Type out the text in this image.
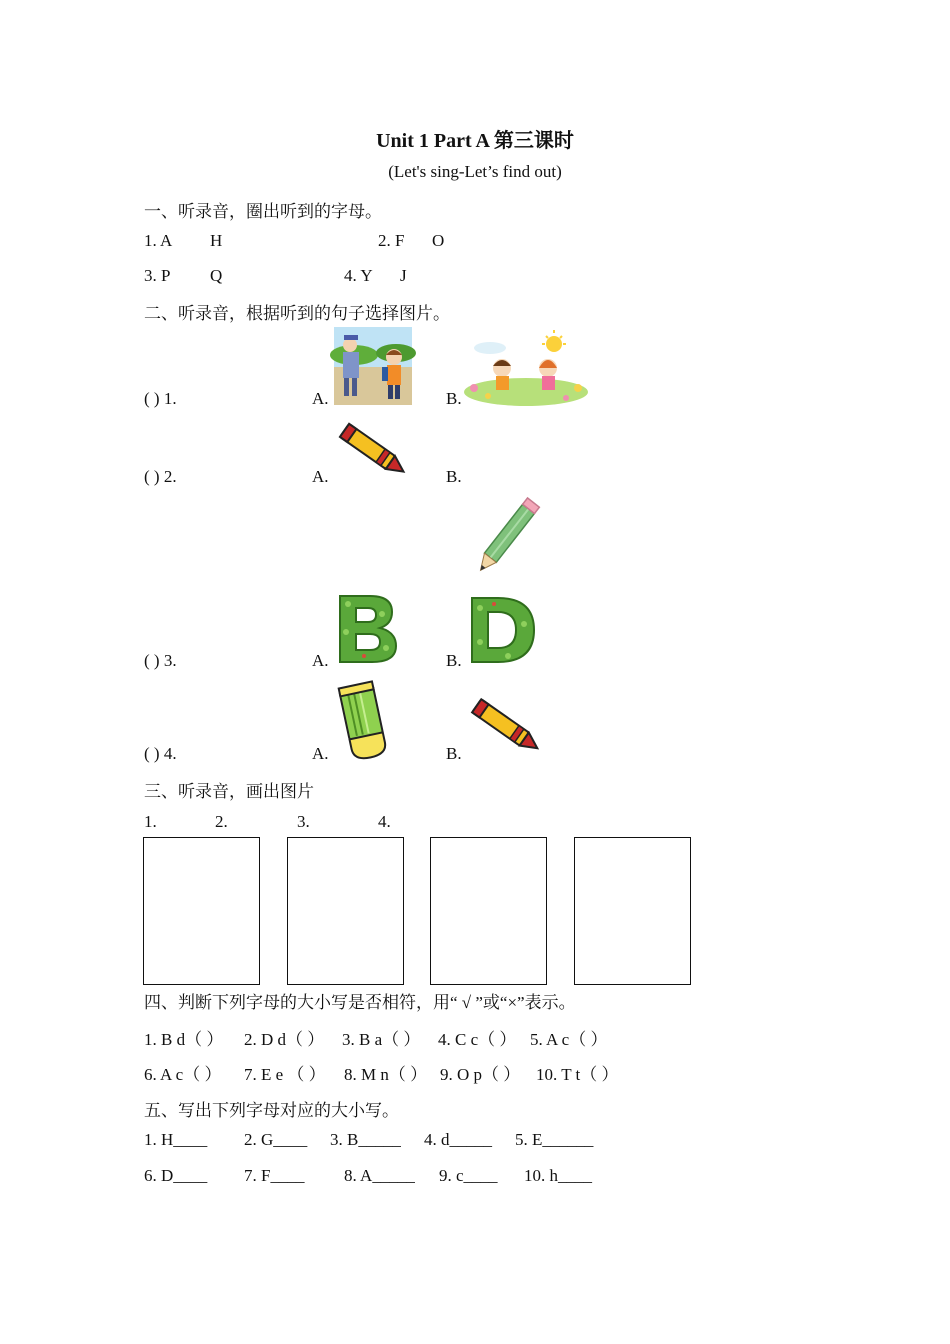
Unit 1 Part A 第三课时
(Let's sing-Let’s find out)
一、听录音，圈出听到的字母。
1. A H	2. F O
3. P Q	4. Y J
二、听录音，根据听到的句子选择图片。
( ) 1.	A.	B.
( ) 2.	A.	B.
( ) 3.	A.	B.
( ) 4.	A.	B.
三、听录音，画出图片
1.	2.	3.	4.
四、判断下列字母的大小写是否相符，用“ √ ”或“×”表示。
1. B d（ ） 2. D d（ ） 3. B a（ ） 4. C c（ ） 5. A c（ ）
6. A c（ ） 7. E e （ ） 8. M n（ ） 9. O p（ ） 10. T t（ ）
五、写出下列字母对应的大小写。
1. H____ 2. G____ 3. B_____ 4. d_____ 5. E______
6. D____ 7. F____ 8. A_____ 9. c____ 10. h____
